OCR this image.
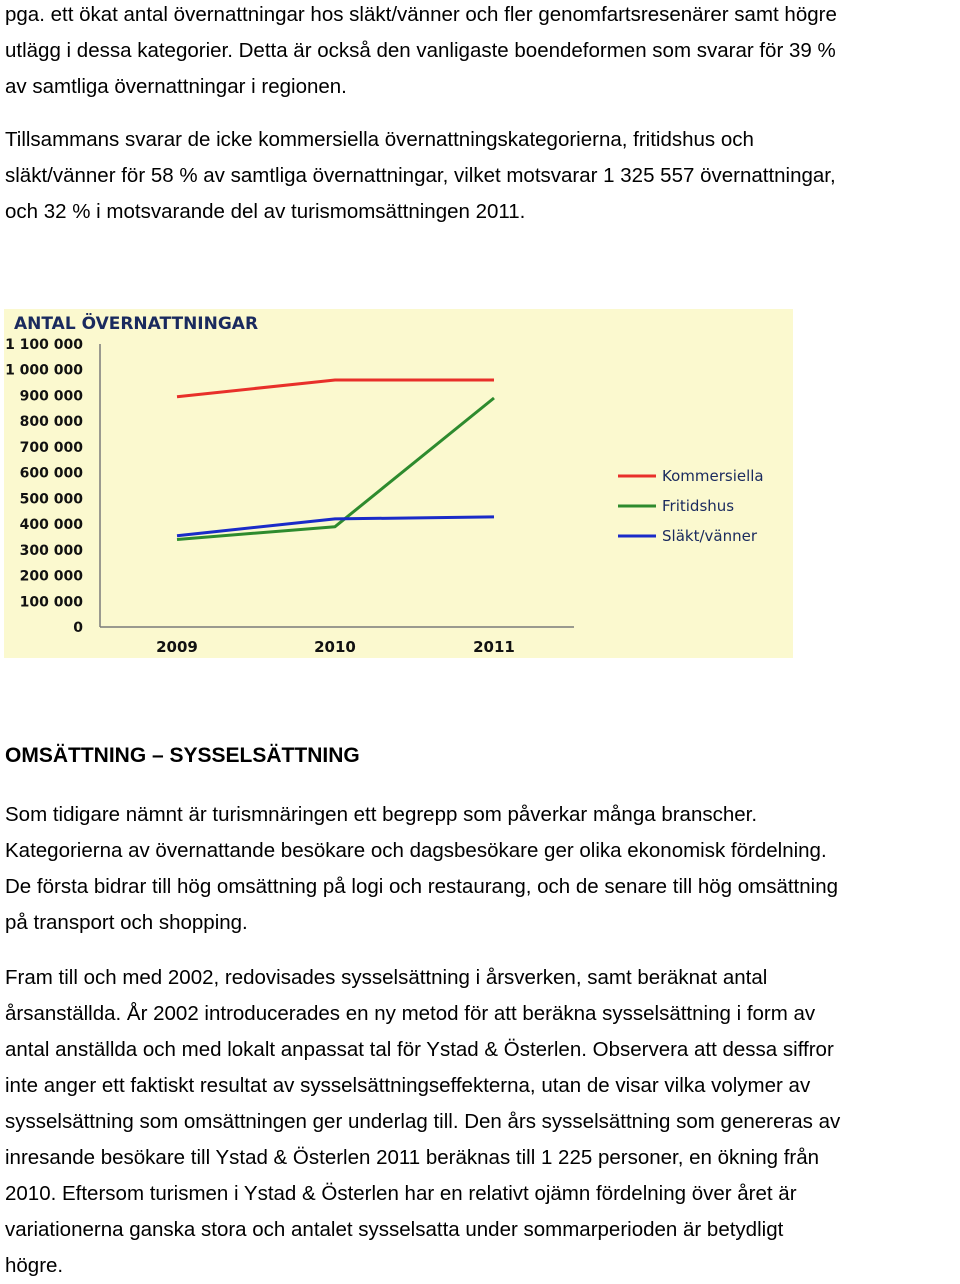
pga. ett ökat antal övernattningar hos släkt/vänner och fler genomfartsresenärer samt högre
utlägg i dessa kategorier. Detta är också den vanligaste boendeformen som svarar för 39 %
av samtliga övernattningar i regionen.
Tillsammans svarar de icke kommersiella övernattningskategorierna, fritidshus och
släkt/vänner för 58 % av samtliga övernattningar, vilket motsvarar 1 325 557 övernattningar,
och 32 % i motsvarande del av turismomsättningen 2011.
ANTAL ÖVERNATTNINGAR
0
100 000
200 000
300 000
400 000
500 000
600 000
700 000
800 000
900 000
1 000 000
1 100 000
2009	2010	2011
Kommersiella
Fritidshus
Släkt/vänner
OMSÄTTNING – SYSSELSÄTTNING
Som tidigare nämnt är turismnäringen ett begrepp som påverkar många branscher.
Kategorierna av övernattande besökare och dagsbesökare ger olika ekonomisk fördelning.
De första bidrar till hög omsättning på logi och restaurang, och de senare till hög omsättning
på transport och shopping.
Fram till och med 2002, redovisades sysselsättning i årsverken, samt beräknat antal
årsanställda. År 2002 introducerades en ny metod för att beräkna sysselsättning i form av
antal anställda och med lokalt anpassat tal för Ystad & Österlen. Observera att dessa siffror
inte anger ett faktiskt resultat av sysselsättningseffekterna, utan de visar vilka volymer av
sysselsättning som omsättningen ger underlag till. Den års sysselsättning som genereras av
inresande besökare till Ystad & Österlen 2011 beräknas till 1 225 personer, en ökning från
2010. Eftersom turismen i Ystad & Österlen har en relativt ojämn fördelning över året är
variationerna ganska stora och antalet sysselsatta under sommarperioden är betydligt
högre.
